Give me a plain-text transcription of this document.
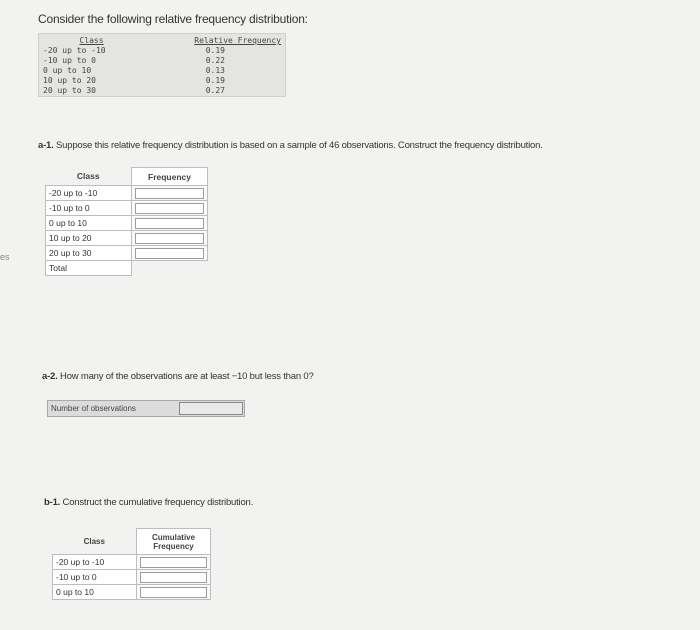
Consider the following relative frequency distribution:
es
Class	Relative Frequency
-20 up to -10	0.19
-10 up to 0	0.22
0 up to 10	0.13
10 up to 20	0.19
20 up to 30	0.27
a-1. Suppose this relative frequency distribution is based on a sample of 46 observations. Construct the frequency distribution.
Class	Frequency
-20 up to -10	

-10 up to 0	

0 up to 10	

10 up to 20	

20 up to 30	

Total	
a-2. How many of the observations are at least −10 but less than 0?
Number of observations
b-1. Construct the cumulative frequency distribution.
Class	Cumulative Frequency
-20 up to -10	

-10 up to 0	

0 up to 10	
